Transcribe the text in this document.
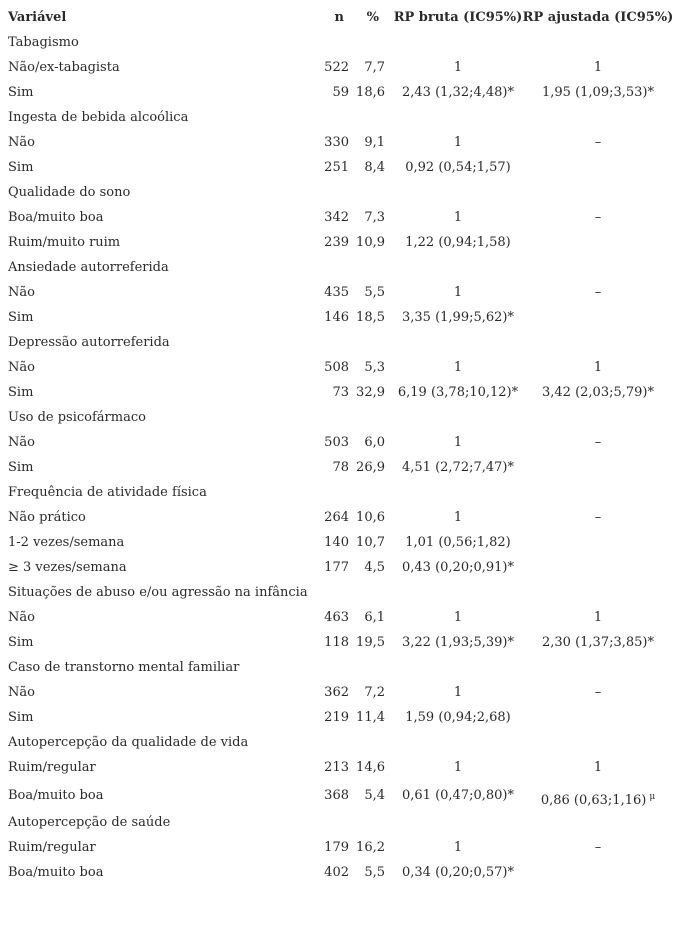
Variável	n % RP bruta (IC95%) RP ajustada (IC95%)
Tabagismo
Não/ex-tabagista	522 7,7	1	1
Sim	59 18,6 2,43 (1,32;4,48)* 1,95 (1,09;3,53)*
Ingesta de bebida alcoólica
Não	330 9,1	1	–
Sim	251 8,4 0,92 (0,54;1,57)
Qualidade do sono
Boa/muito boa	342 7,3	1	–
Ruim/muito ruim	239 10,9 1,22 (0,94;1,58)
Ansiedade autorreferida
Não	435 5,5	1	–
Sim	146 18,5 3,35 (1,99;5,62)*
Depressão autorreferida
Não	508 5,3	1	1
Sim	73 32,9 6,19 (3,78;10,12)* 3,42 (2,03;5,79)*
Uso de psicofármaco
Não	503 6,0	1	–
Sim	78 26,9 4,51 (2,72;7,47)*
Frequência de atividade física
Não prático	264 10,6	1	–
1-2 vezes/semana	140 10,7 1,01 (0,56;1,82)
≥ 3 vezes/semana	177 4,5 0,43 (0,20;0,91)*
Situações de abuso e/ou agressão na infância
Não	463 6,1	1	1
Sim	118 19,5 3,22 (1,93;5,39)* 2,30 (1,37;3,85)*
Caso de transtorno mental familiar
Não	362 7,2	1	–
Sim	219 11,4 1,59 (0,94;2,68)
Autopercepção da qualidade de vida
Ruim/regular	213 14,6	1	1
Boa/muito boa	368 5,4 0,61 (0,47;0,80)* 0,86 (0,63;1,16) $^\mu$
Autopercepção de saúde
Ruim/regular	179 16,2	1	–
Boa/muito boa	402 5,5 0,34 (0,20;0,57)*
